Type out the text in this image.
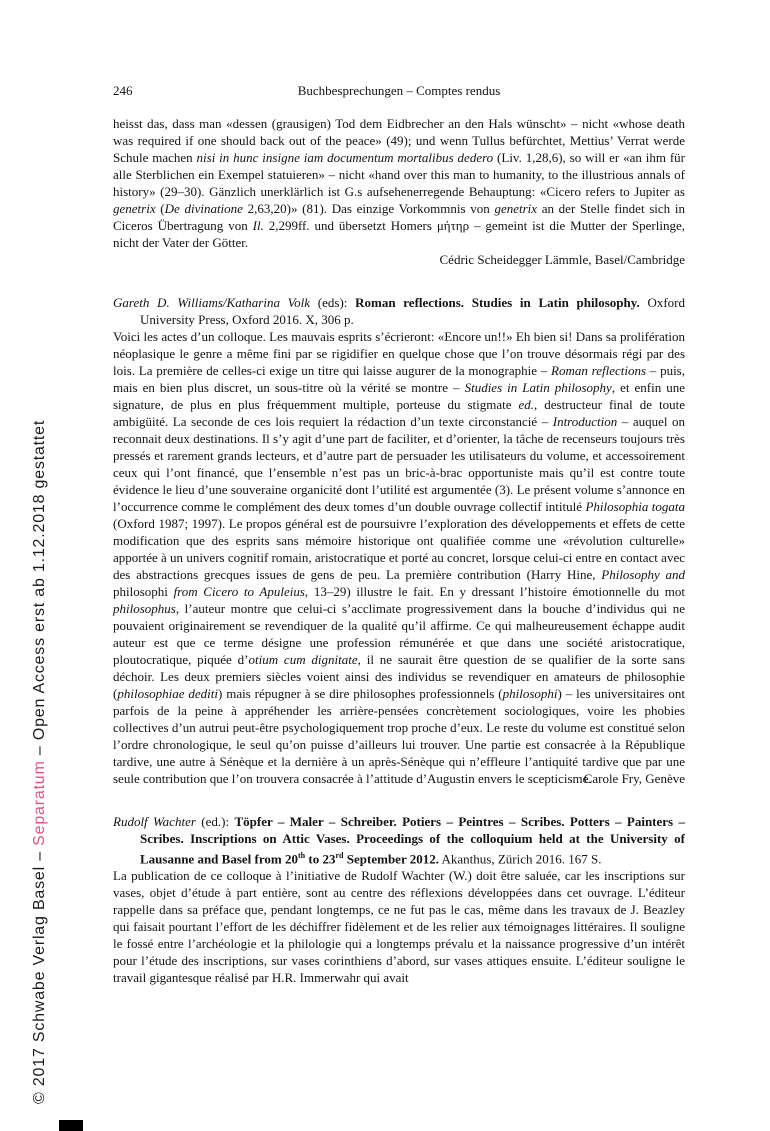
© 2017 Schwabe Verlag Basel – Separatum – Open Access erst ab 1.12.2018 gestattet
246	Buchbesprechungen – Comptes rendus

heisst das, dass man «dessen (grausigen) Tod dem Eidbrecher an den Hals wünscht» – nicht «whose death was required if one should back out of the peace» (49); und wenn Tullus befürchtet, Mettius’ Verrat werde Schule machen nisi in hunc insigne iam documentum mortalibus dedero (Liv. 1,28,6), so will er «an ihm für alle Sterblichen ein Exempel statuieren» – nicht «hand over this man to humanity, to the illustrious annals of history» (29–30). Gänzlich unerklärlich ist G.s aufsehenerregende Behauptung: «Cicero refers to Jupiter as genetrix (De divinatione 2,63,20)» (81). Das einzige Vorkommnis von genetrix an der Stelle findet sich in Ciceros Übertragung von Il. 2,299ff. und übersetzt Homers μήτηρ – gemeint ist die Mutter der Sperlinge, nicht der Vater der Götter.

Cédric Scheidegger Lämmle, Basel/Cambridge

Gareth D. Williams/Katharina Volk (eds): Roman reflections. Studies in Latin philosophy. Oxford University Press, Oxford 2016. X, 306 p.

Voici les actes d’un colloque. Les mauvais esprits s’écrieront: «Encore un!!» Eh bien si! Dans sa prolifération néoplasique le genre a même fini par se rigidifier en quelque chose que l’on trouve désormais régi par des lois. La première de celles-ci exige un titre qui laisse augurer de la monographie – Roman reflections – puis, mais en bien plus discret, un sous-titre où la vérité se montre – Studies in Latin philosophy, et enfin une signature, de plus en plus fréquemment multiple, porteuse du stigmate ed., destructeur final de toute ambigüité. La seconde de ces lois requiert la rédaction d’un texte circonstancié – Introduction – auquel on reconnait deux destinations. Il s’y agit d’une part de faciliter, et d’orienter, la tâche de recenseurs toujours très pressés et rarement grands lecteurs, et d’autre part de persuader les utilisateurs du volume, et accessoirement ceux qui l’ont financé, que l’ensemble n’est pas un bric-à-brac opportuniste mais qu’il est contre toute évidence le lieu d’une souveraine organicité dont l’utilité est argumentée (3). Le présent volume s’annonce en l’occurrence comme le complément des deux tomes d’un double ouvrage collectif intitulé Philosophia togata (Oxford 1987; 1997). Le propos général est de poursuivre l’exploration des développements et effets de cette modification que des esprits sans mémoire historique ont qualifiée comme une «révolution culturelle» apportée à un univers cognitif romain, aristocratique et porté au concret, lorsque celui-ci entre en contact avec des abstractions grecques issues de gens de peu. La première contribution (Harry Hine, Philosophy and philosophi from Cicero to Apuleius, 13–29) illustre le fait. En y dressant l’histoire émotionnelle du mot philosophus, l’auteur montre que celui-ci s’acclimate progressivement dans la bouche d’individus qui ne pouvaient originairement se revendiquer de la qualité qu’il affirme. Ce qui malheureusement échappe audit auteur est que ce terme désigne une profession rémunérée et que dans une société aristocratique, ploutocratique, piquée d’otium cum dignitate, il ne saurait être question de se qualifier de la sorte sans déchoir. Les deux premiers siècles voient ainsi des individus se revendiquer en amateurs de philosophie (philosophiae dediti) mais répugner à se dire philosophes professionnels (philosophi) – les universitaires ont parfois de la peine à appréhender les arrière-pensées concrètement sociologiques, voire les phobies collectives d’un autrui peut-être psychologiquement trop proche d’eux. Le reste du volume est constitué selon l’ordre chronologique, le seul qu’on puisse d’ailleurs lui trouver. Une partie est consacrée à la République tardive, une autre à Sénèque et la dernière à un après-Sénèque qui n’effleure l’antiquité tardive que par une seule contribution que l’on trouvera consacrée à l’attitude d’Augustin envers le scepticisme.

Carole Fry, Genève

Rudolf Wachter (ed.): Töpfer – Maler – Schreiber. Potiers – Peintres – Scribes. Potters – Painters – Scribes. Inscriptions on Attic Vases. Proceedings of the colloquium held at the University of Lausanne and Basel from 20th to 23rd September 2012. Akanthus, Zürich 2016. 167 S.

La publication de ce colloque à l’initiative de Rudolf Wachter (W.) doit être saluée, car les inscriptions sur vases, objet d’étude à part entière, sont au centre des réflexions développées dans cet ouvrage. L’éditeur rappelle dans sa préface que, pendant longtemps, ce ne fut pas le cas, même dans les travaux de J. Beazley qui faisait pourtant l’effort de les déchiffrer fidèlement et de les relier aux témoignages littéraires. Il souligne le fossé entre l’archéologie et la philologie qui a longtemps prévalu et la naissance progressive d’un intérêt pour l’étude des inscriptions, sur vases corinthiens d’abord, sur vases attiques ensuite. L’éditeur souligne le travail gigantesque réalisé par H.R. Immerwahr qui avait
